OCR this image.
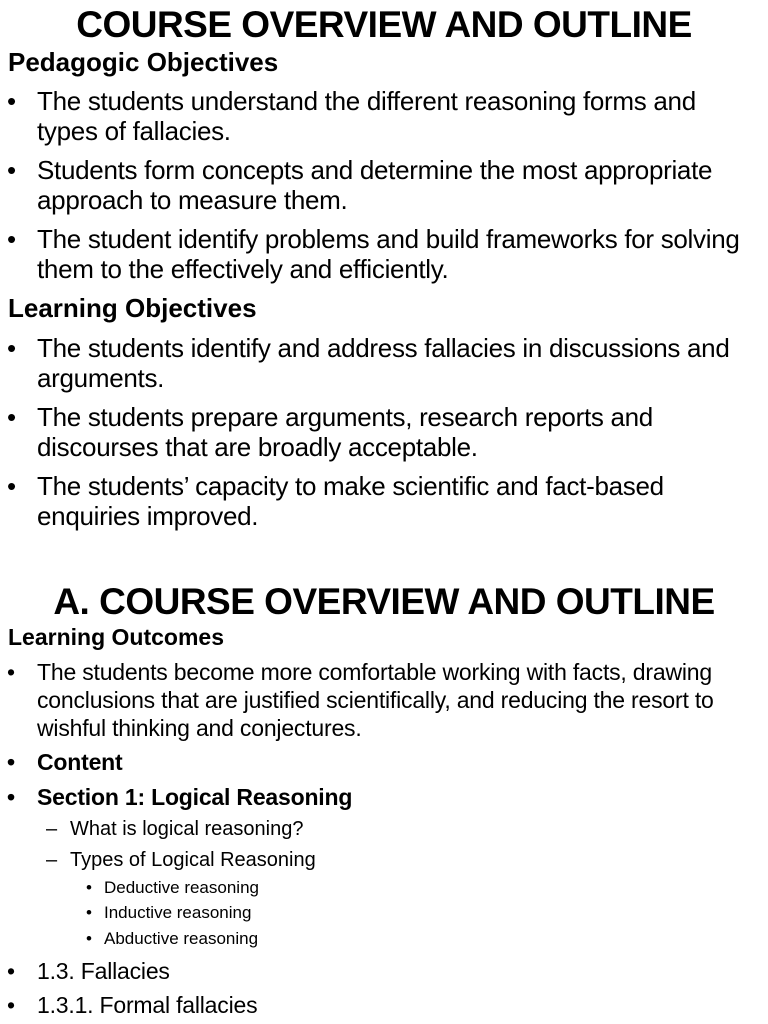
COURSE OVERVIEW AND OUTLINE
Pedagogic Objectives
• The students understand the different reasoning forms and types of fallacies.
• Students form concepts and determine the most appropriate approach to measure them.
• The student identify problems and build frameworks for solving them to the effectively and efficiently.
Learning Objectives
• The students identify and address fallacies in discussions and arguments.
• The students prepare arguments, research reports and discourses that are broadly acceptable.
• The students’ capacity to make scientific and fact-based enquiries improved.
A. COURSE OVERVIEW AND OUTLINE
Learning Outcomes
• The students become more comfortable working with facts, drawing conclusions that are justified scientifically, and reducing the resort to wishful thinking and conjectures.
• Content
• Section 1: Logical Reasoning
– What is logical reasoning?
– Types of Logical Reasoning
• Deductive reasoning
• Inductive reasoning
• Abductive reasoning
• 1.3. Fallacies
• 1.3.1. Formal fallacies
